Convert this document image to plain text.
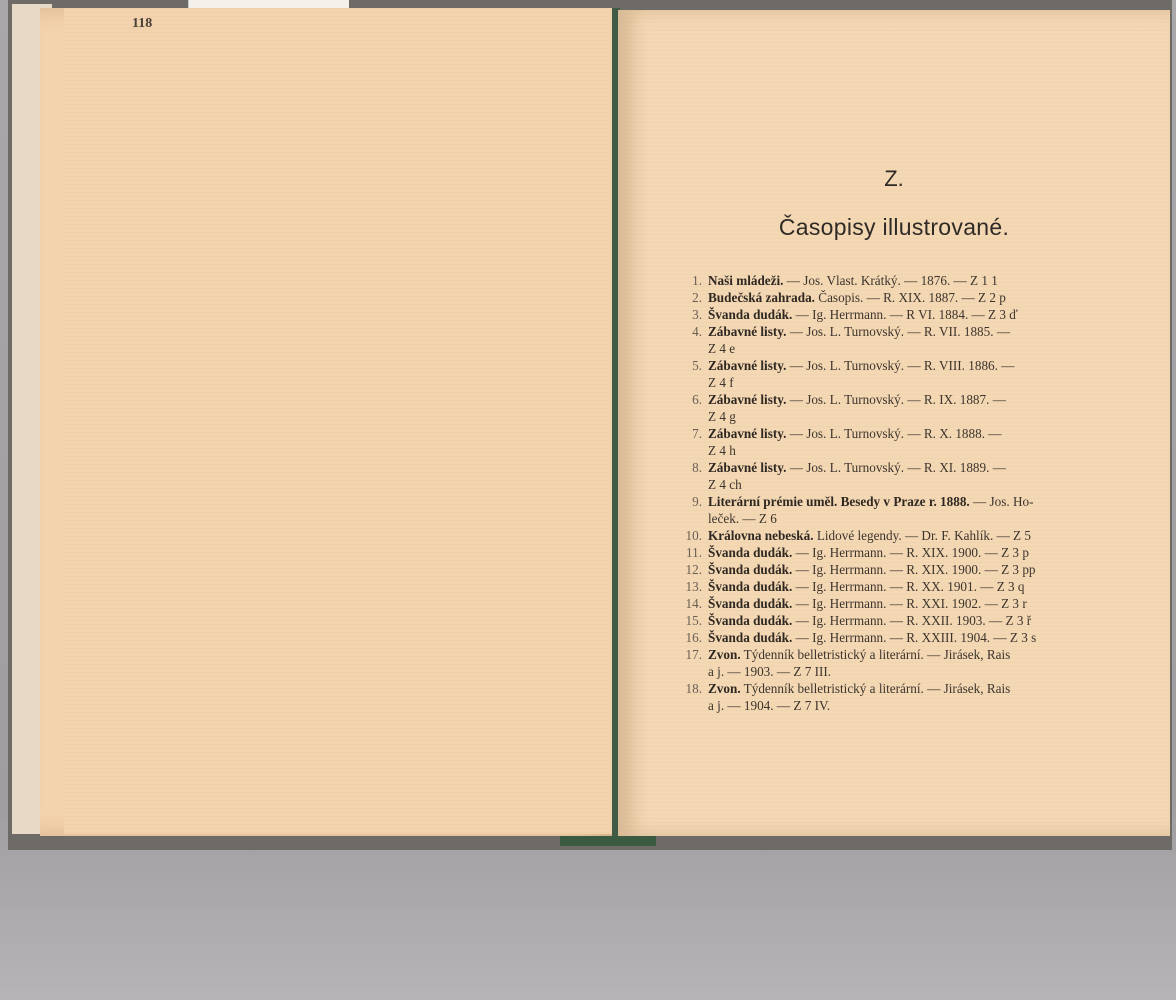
118
Z.
Časopisy illustrované.
1. Naši mládeži. — Jos. Vlast. Krátký. — 1876. — Z 1 1
2. Budečská zahrada. Časopis. — R. XIX. 1887. — Z 2 p
3. Švanda dudák. — Ig. Herrmann. — R VI. 1884. — Z 3 ď
4. Zábavné listy. — Jos. L. Turnovský. — R. VII. 1885. —
Z 4 e
5. Zábavné listy. — Jos. L. Turnovský. — R. VIII. 1886. —
Z 4 f
6. Zábavné listy. — Jos. L. Turnovský. — R. IX. 1887. —
Z 4 g
7. Zábavné listy. — Jos. L. Turnovský. — R. X. 1888. —
Z 4 h
8. Zábavné listy. — Jos. L. Turnovský. — R. XI. 1889. —
Z 4 ch
9. Literární prémie uměl. Besedy v Praze r. 1888. — Jos. Ho-
leček. — Z 6
10. Královna nebeská. Lidové legendy. — Dr. F. Kahlík. — Z 5
11. Švanda dudák. — Ig. Herrmann. — R. XIX. 1900. — Z 3 p
12. Švanda dudák. — Ig. Herrmann. — R. XIX. 1900. — Z 3 pp
13. Švanda dudák. — Ig. Herrmann. — R. XX. 1901. — Z 3 q
14. Švanda dudák. — Ig. Herrmann. — R. XXI. 1902. — Z 3 r
15. Švanda dudák. — Ig. Herrmann. — R. XXII. 1903. — Z 3 ř
16. Švanda dudák. — Ig. Herrmann. — R. XXIII. 1904. — Z 3 s
17. Zvon. Týdenník belletristický a literární. — Jirásek, Rais
a j. — 1903. — Z 7 III.
18. Zvon. Týdenník belletristický a literární. — Jirásek, Rais
a j. — 1904. — Z 7 IV.
